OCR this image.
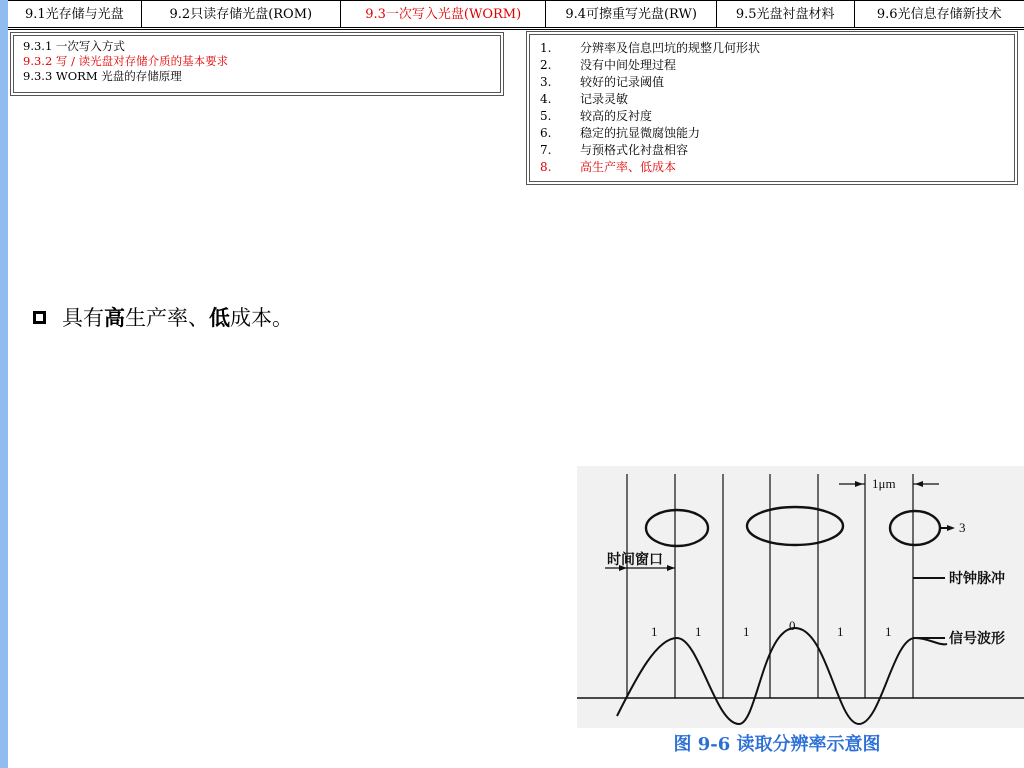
9.1光存储与光盘	9.2只读存储光盘(ROM)	9.3一次写入光盘(WORM)	9.4可擦重写光盘(RW)	9.5光盘衬盘材料	9.6光信息存储新技术
9.3.1 一次写入方式
9.3.2 写 / 读光盘对存储介质的基本要求
9.3.3 WORM 光盘的存储原理
1.	分辨率及信息凹坑的规整几何形状
2.	没有中间处理过程
3.	较好的记录阈值
4.	记录灵敏
5.	较高的反衬度
6.	稳定的抗显微腐蚀能力
7.	与预格式化衬盘相容
8.	高生产率、低成本
具有高生产率、低成本。
1μm
3
时间窗口
时钟脉冲
信号波形
1	1	1	0	1	1
图 9-6 读取分辨率示意图
